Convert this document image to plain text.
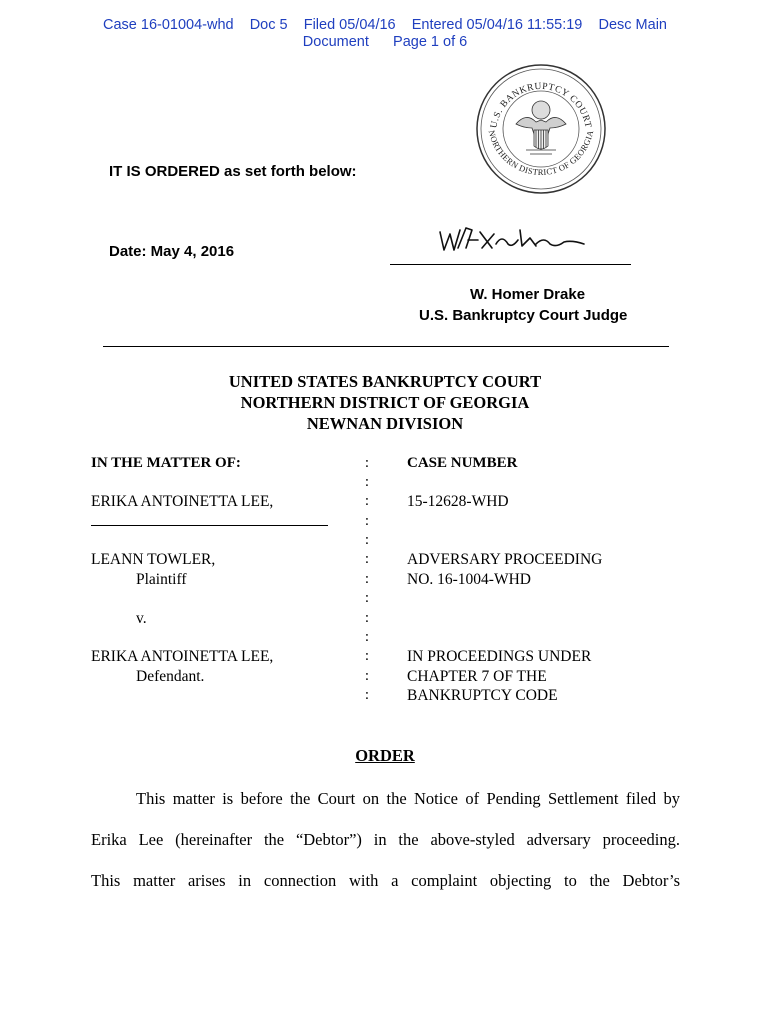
Case 16-01004-whd    Doc 5    Filed 05/04/16    Entered 05/04/16 11:55:19    Desc Main
Document      Page 1 of 6
U.S. BANKRUPTCY COURT
NORTHERN DISTRICT OF GEORGIA
IT IS ORDERED as set forth below:
Date: May 4, 2016
W. Homer Drake
U.S. Bankruptcy Court Judge
UNITED STATES BANKRUPTCY COURT
NORTHERN DISTRICT OF GEORGIA
NEWNAN DIVISION
IN THE MATTER OF:
ERIKA ANTOINETTA LEE,
LEANN TOWLER,
Plaintiff
v.
ERIKA ANTOINETTA LEE,
Defendant.
:
:
:
:
:
:
:
:
:
:
:
:
:
CASE NUMBER
15-12628-WHD
ADVERSARY PROCEEDING
NO. 16-1004-WHD
IN PROCEEDINGS UNDER
CHAPTER 7 OF THE
BANKRUPTCY CODE
ORDER
This matter is before the Court on the Notice of Pending Settlement filed by
Erika Lee (hereinafter the “Debtor”) in the above-styled adversary proceeding.
This matter arises in connection with a complaint objecting to the Debtor’s
